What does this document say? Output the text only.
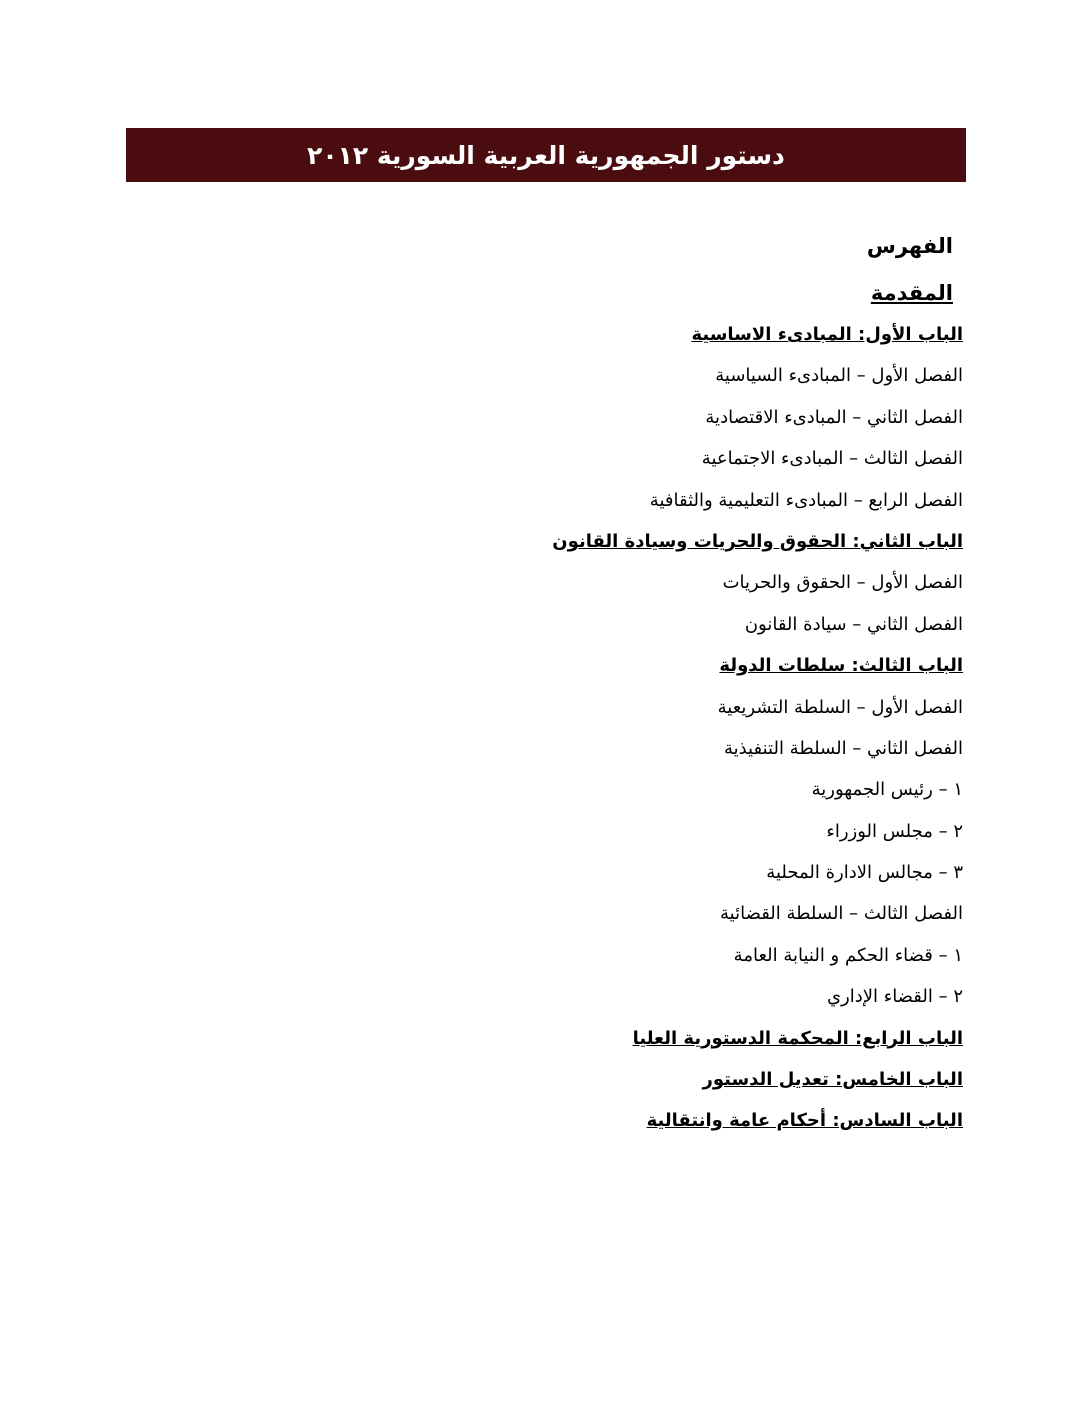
دستور الجمهورية العربية السورية ٢٠١٢
الفهرس
المقدمة
الباب الأول: المبادىء الاساسية
الفصل الأول – المبادىء السياسية
الفصل الثاني – المبادىء الاقتصادية
الفصل الثالث – المبادىء الاجتماعية
الفصل الرابع – المبادىء التعليمية والثقافية
الباب الثاني: الحقوق والحريات وسيادة القانون
الفصل الأول – الحقوق والحريات
الفصل الثاني – سيادة القانون
الباب الثالث: سلطات الدولة
الفصل الأول – السلطة التشريعية
الفصل الثاني – السلطة التنفيذية
١ – رئيس الجمهورية
٢ – مجلس الوزراء
٣ – مجالس الادارة المحلية
الفصل الثالث – السلطة القضائية
١ – قضاء الحكم و النيابة العامة
٢ – القضاء الإداري
الباب الرابع: المحكمة الدستورية العليا
الباب الخامس: تعديل الدستور
الباب السادس: أحكام عامة وانتقالية
